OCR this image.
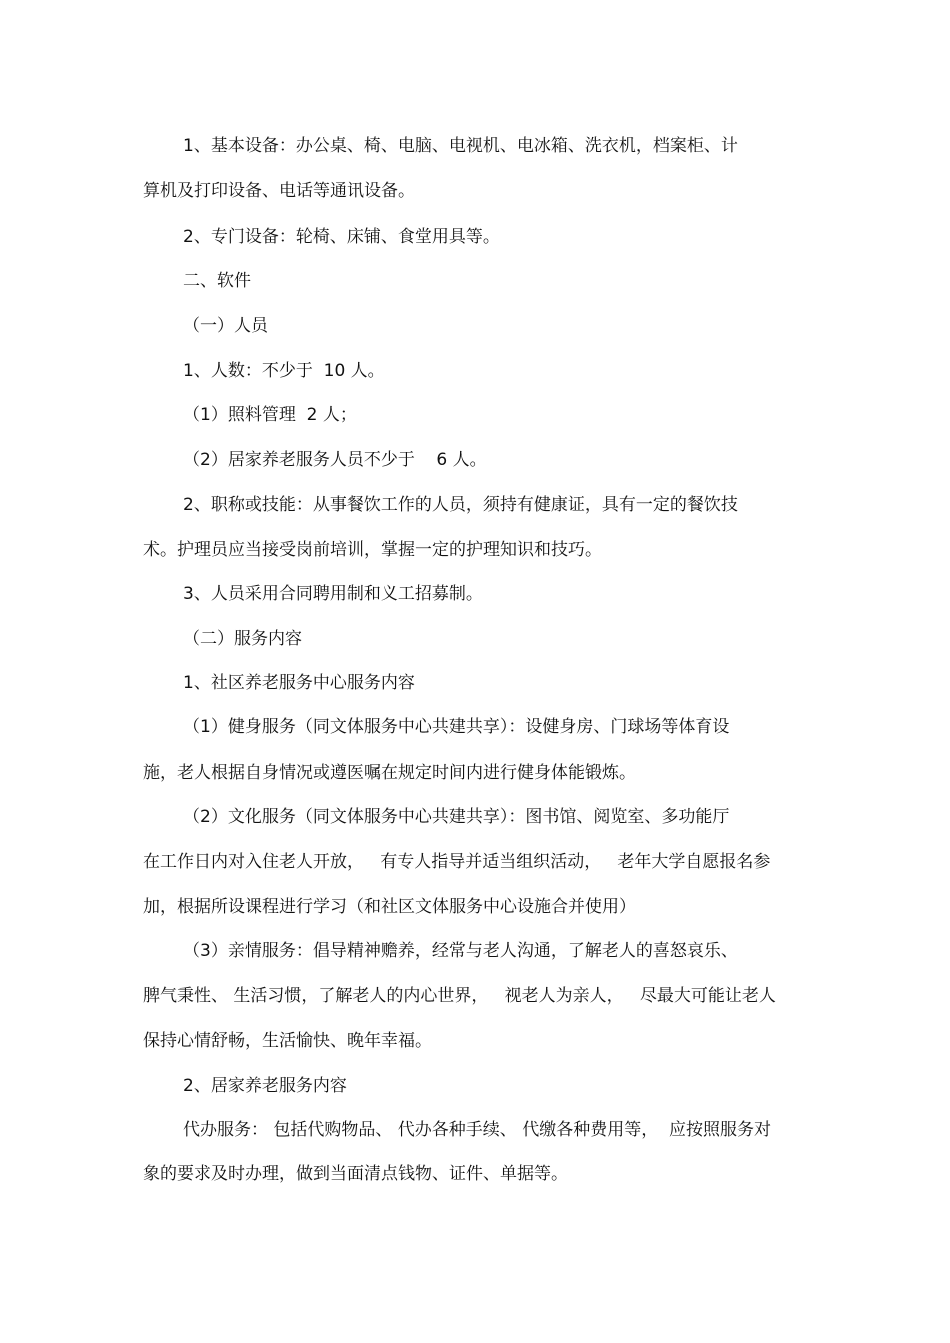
1、基本设备：办公桌、椅、电脑、电视机、电冰箱、洗衣机，档案柜、计
算机及打印设备、电话等通讯设备。
2、专门设备：轮椅、床铺、食堂用具等。
二、软件
（一）人员
1、人数：不少于  10 人。
（1）照料管理  2 人；
（2）居家养老服务人员不少于    6 人。
2、职称或技能：从事餐饮工作的人员，须持有健康证，具有一定的餐饮技
术。护理员应当接受岗前培训，掌握一定的护理知识和技巧。
3、人员采用合同聘用制和义工招募制。
（二）服务内容
1、社区养老服务中心服务内容
（1）健身服务（同文体服务中心共建共享）：设健身房、门球场等体育设
施，老人根据自身情况或遵医嘱在规定时间内进行健身体能锻炼。
（2）文化服务（同文体服务中心共建共享）：图书馆、阅览室、多功能厅
在工作日内对入住老人开放，   有专人指导并适当组织活动，   老年大学自愿报名参
加，根据所设课程进行学习（和社区文体服务中心设施合并使用）
（3）亲情服务：倡导精神赡养，经常与老人沟通，了解老人的喜怒哀乐、
脾气秉性、 生活习惯，了解老人的内心世界，   视老人为亲人，   尽最大可能让老人
保持心情舒畅，生活愉快、晚年幸福。
2、居家养老服务内容
代办服务： 包括代购物品、 代办各种手续、 代缴各种费用等，  应按照服务对
象的要求及时办理，做到当面清点钱物、证件、单据等。
